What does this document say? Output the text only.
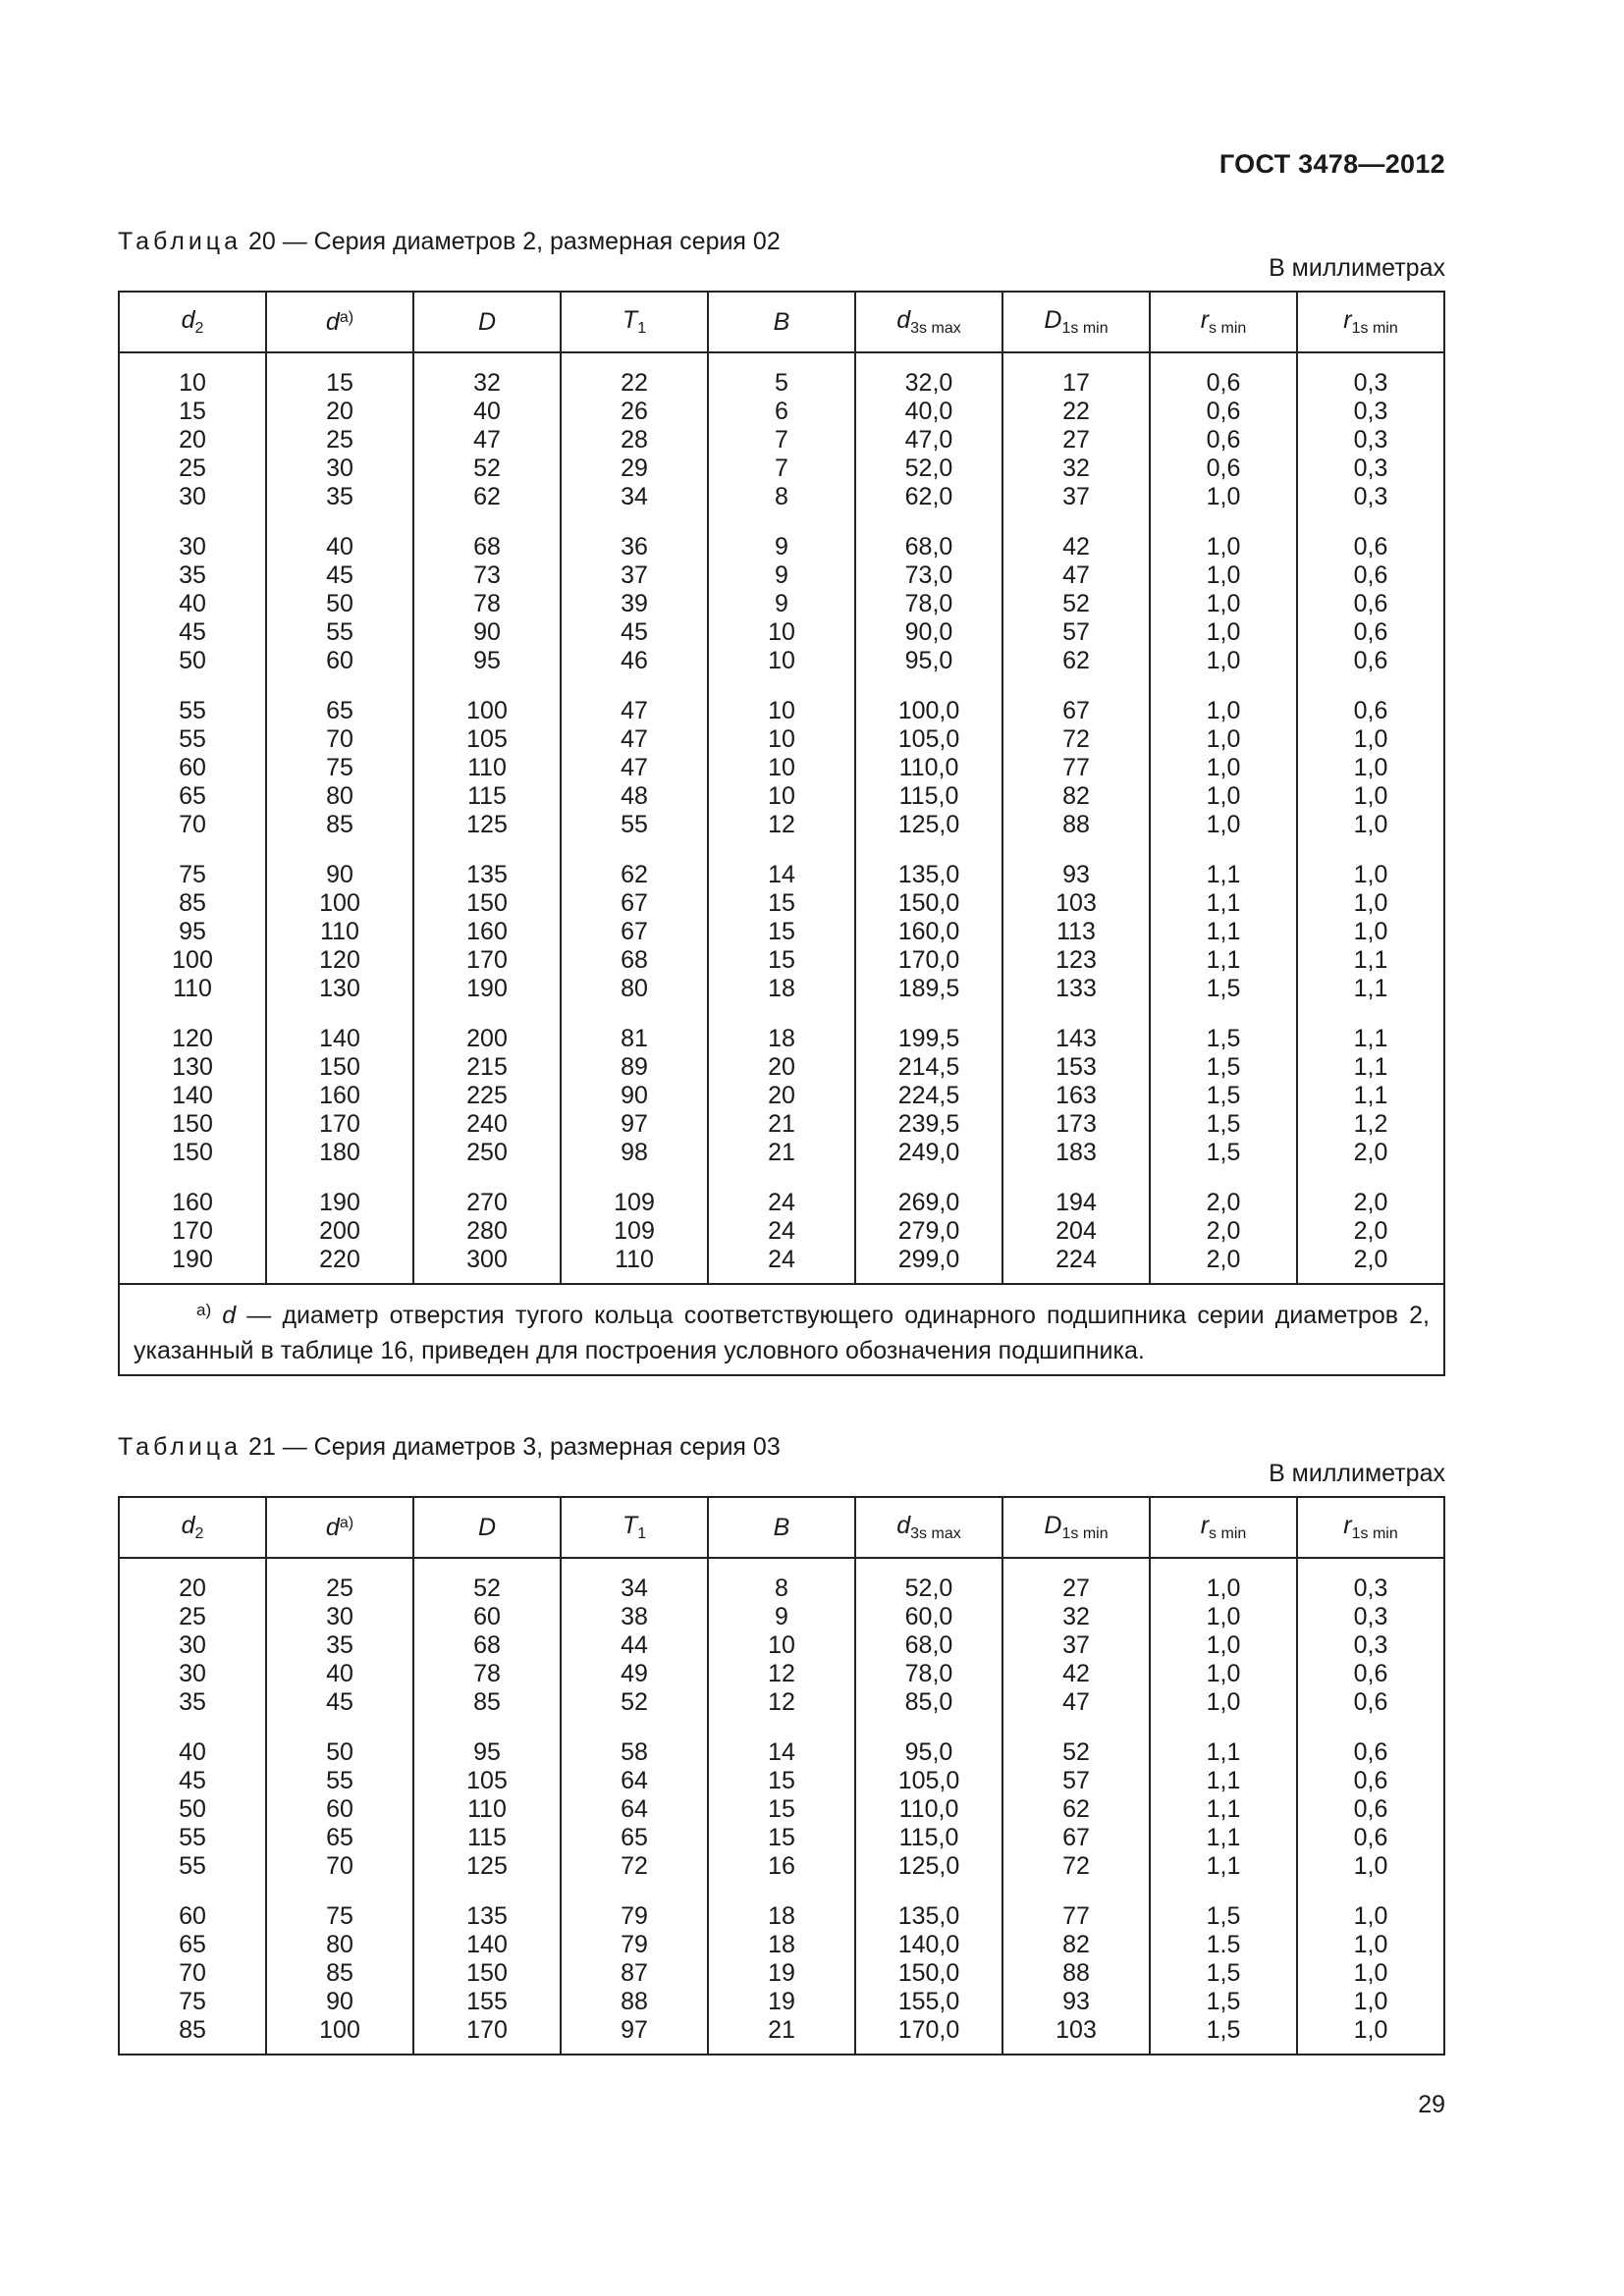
ГОСТ 3478—2012
Таблица 20 — Серия диаметров 2, размерная серия 02
В миллиметрах
$d_2$	$d^{a)}$	D	$T_1$	B	$d_{3s max}$	$D_{1s min}$	$r_{s min}$	$r_{1s min}$
10	15	32	22	5	32,0	17	0,6	0,3
15	20	40	26	6	40,0	22	0,6	0,3
20	25	47	28	7	47,0	27	0,6	0,3
25	30	52	29	7	52,0	32	0,6	0,3
30	35	62	34	8	62,0	37	1,0	0,3
30	40	68	36	9	68,0	42	1,0	0,6
35	45	73	37	9	73,0	47	1,0	0,6
40	50	78	39	9	78,0	52	1,0	0,6
45	55	90	45	10	90,0	57	1,0	0,6
50	60	95	46	10	95,0	62	1,0	0,6
55	65	100	47	10	100,0	67	1,0	0,6
55	70	105	47	10	105,0	72	1,0	1,0
60	75	110	47	10	110,0	77	1,0	1,0
65	80	115	48	10	115,0	82	1,0	1,0
70	85	125	55	12	125,0	88	1,0	1,0
75	90	135	62	14	135,0	93	1,1	1,0
85	100	150	67	15	150,0	103	1,1	1,0
95	110	160	67	15	160,0	113	1,1	1,0
100	120	170	68	15	170,0	123	1,1	1,1
110	130	190	80	18	189,5	133	1,5	1,1
120	140	200	81	18	199,5	143	1,5	1,1
130	150	215	89	20	214,5	153	1,5	1,1
140	160	225	90	20	224,5	163	1,5	1,1
150	170	240	97	21	239,5	173	1,5	1,2
150	180	250	98	21	249,0	183	1,5	2,0
160	190	270	109	24	269,0	194	2,0	2,0
170	200	280	109	24	279,0	204	2,0	2,0
190	220	300	110	24	299,0	224	2,0	2,0
$^{a)}$ d — диаметр отверстия тугого кольца соответствующего одинарного подшипника серии диаметров 2, указанный в таблице 16, приведен для построения условного обозначения подшипника.								
Таблица 21 — Серия диаметров 3, размерная серия 03
В миллиметрах
$d_2$	$d^{a)}$	D	$T_1$	B	$d_{3s max}$	$D_{1s min}$	$r_{s min}$	$r_{1s min}$
20	25	52	34	8	52,0	27	1,0	0,3
25	30	60	38	9	60,0	32	1,0	0,3
30	35	68	44	10	68,0	37	1,0	0,3
30	40	78	49	12	78,0	42	1,0	0,6
35	45	85	52	12	85,0	47	1,0	0,6
40	50	95	58	14	95,0	52	1,1	0,6
45	55	105	64	15	105,0	57	1,1	0,6
50	60	110	64	15	110,0	62	1,1	0,6
55	65	115	65	15	115,0	67	1,1	0,6
55	70	125	72	16	125,0	72	1,1	1,0
60	75	135	79	18	135,0	77	1,5	1,0
65	80	140	79	18	140,0	82	1.5	1,0
70	85	150	87	19	150,0	88	1,5	1,0
75	90	155	88	19	155,0	93	1,5	1,0
85	100	170	97	21	170,0	103	1,5	1,0
29
